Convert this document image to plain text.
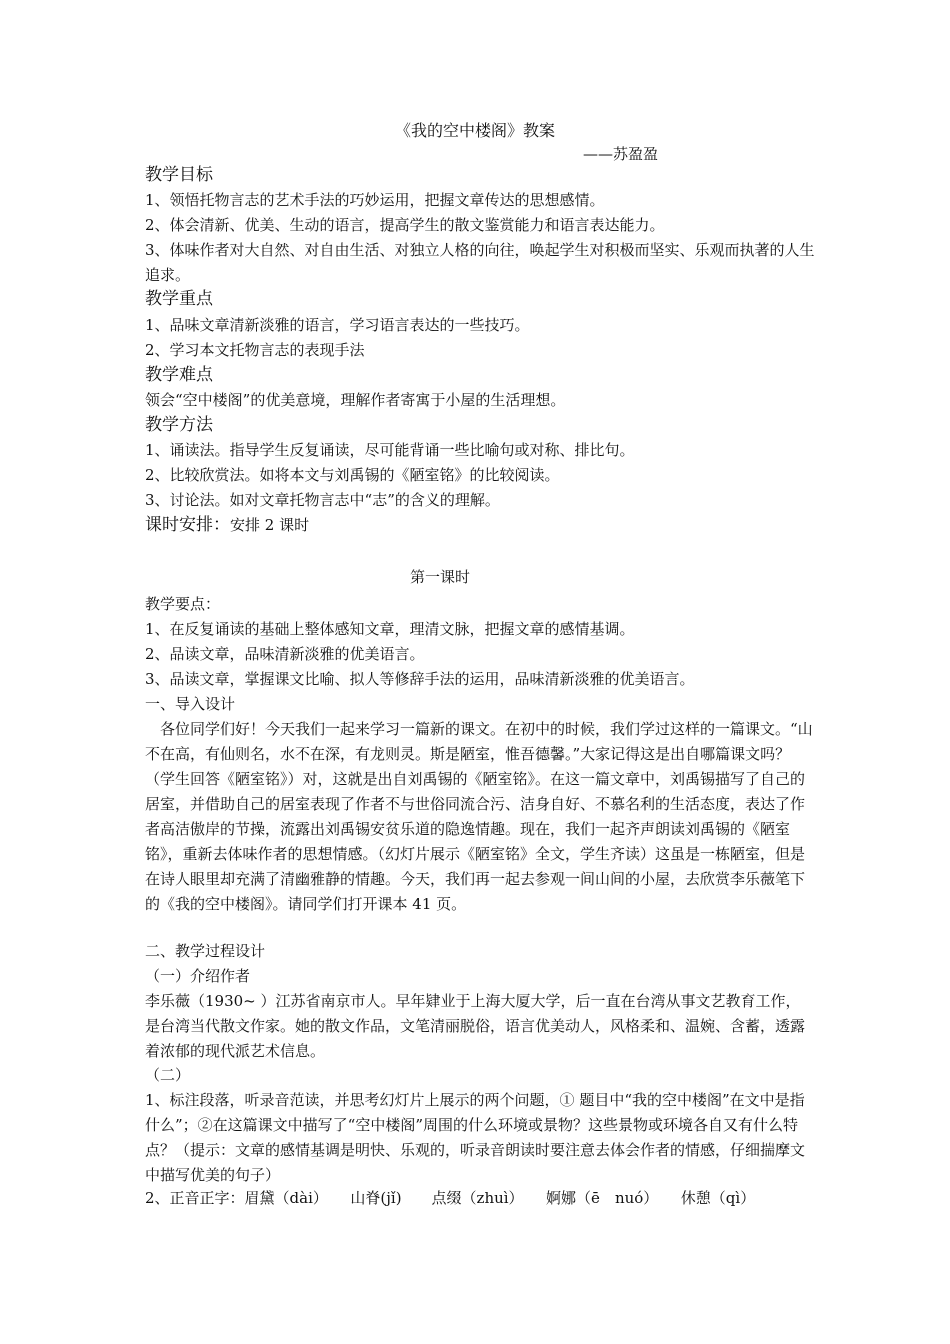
《我的空中楼阁》教案
——苏盈盈
教学目标
1、领悟托物言志的艺术手法的巧妙运用，把握文章传达的思想感情。
2、体会清新、优美、生动的语言，提高学生的散文鉴赏能力和语言表达能力。
3、体味作者对大自然、对自由生活、对独立人格的向往，唤起学生对积极而坚实、乐观而执著的人生追求。
教学重点
1、品味文章清新淡雅的语言，学习语言表达的一些技巧。
2、学习本文托物言志的表现手法
教学难点
领会“空中楼阁”的优美意境，理解作者寄寓于小屋的生活理想。
教学方法
1、诵读法。指导学生反复诵读，尽可能背诵一些比喻句或对称、排比句。
2、比较欣赏法。如将本文与刘禹锡的《陋室铭》的比较阅读。
3、讨论法。如对文章托物言志中“志”的含义的理解。
课时安排：安排 2 课时
第一课时
教学要点：
1、在反复诵读的基础上整体感知文章，理清文脉，把握文章的感情基调。
2、品读文章，品味清新淡雅的优美语言。
3、品读文章，掌握课文比喻、拟人等修辞手法的运用，品味清新淡雅的优美语言。
一、导入设计
各位同学们好！今天我们一起来学习一篇新的课文。在初中的时候，我们学过这样的一篇课文。“山不在高，有仙则名，水不在深，有龙则灵。斯是陋室，惟吾德馨。”大家记得这是出自哪篇课文吗？（学生回答《陋室铭》）对，这就是出自刘禹锡的《陋室铭》。在这一篇文章中，刘禹锡描写了自己的居室，并借助自己的居室表现了作者不与世俗同流合污、洁身自好、不慕名利的生活态度，表达了作者高洁傲岸的节操，流露出刘禹锡安贫乐道的隐逸情趣。现在，我们一起齐声朗读刘禹锡的《陋室铭》，重新去体味作者的思想情感。（幻灯片展示《陋室铭》全文，学生齐读）这虽是一栋陋室，但是在诗人眼里却充满了清幽雅静的情趣。今天，我们再一起去参观一间山间的小屋，去欣赏李乐薇笔下的《我的空中楼阁》。请同学们打开课本 41 页。
二、教学过程设计
（一）介绍作者
李乐薇（1930~ ）江苏省南京市人。早年肄业于上海大厦大学，后一直在台湾从事文艺教育工作，是台湾当代散文作家。她的散文作品，文笔清丽脱俗，语言优美动人，风格柔和、温婉、含蓄，透露着浓郁的现代派艺术信息。
（二）
1、标注段落，听录音范读，并思考幻灯片上展示的两个问题，① 题目中“我的空中楼阁”在文中是指什么”；②在这篇课文中描写了“空中楼阁”周围的什么环境或景物？这些景物或环境各自又有什么特点？（提示：文章的感情基调是明快、乐观的，听录音朗读时要注意去体会作者的情感，仔细揣摩文中描写优美的句子）
2、正音正字：眉黛（dài）　　山脊(jǐ)　　点缀（zhuì）　　婀娜（ē　nuó）　　休憩（qì）
